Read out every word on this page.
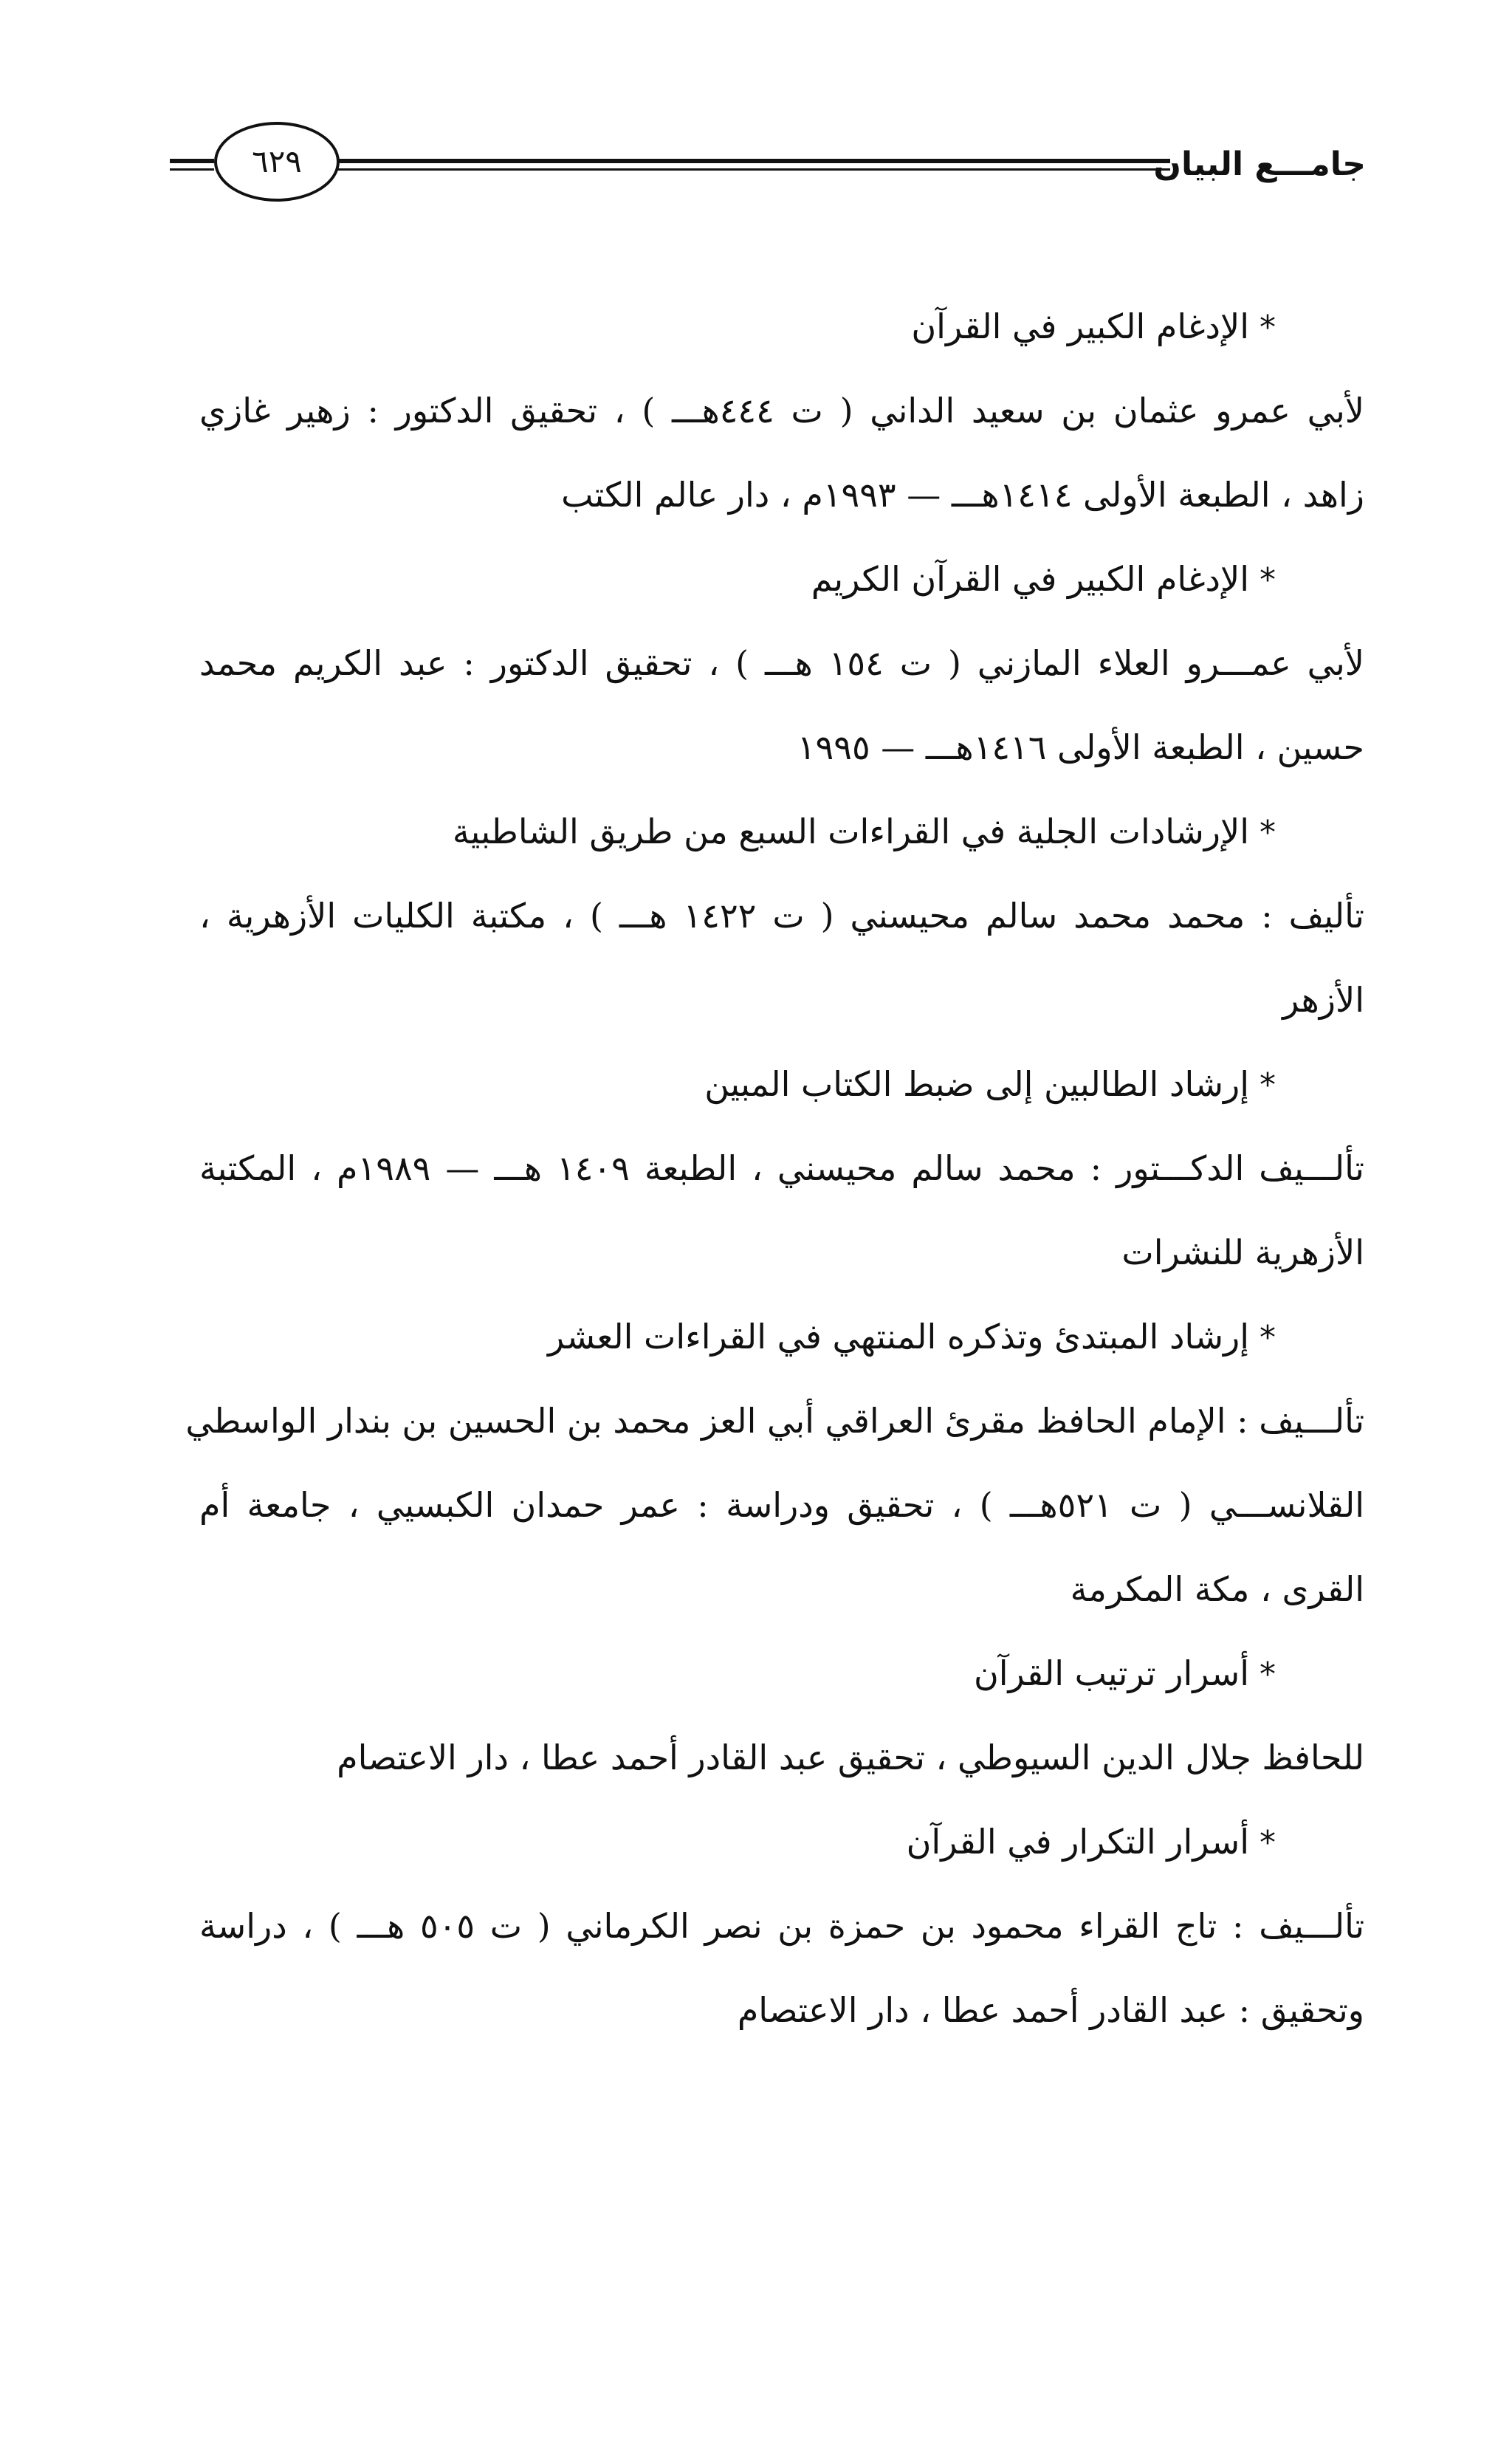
جامـــع البيان
٦٢٩
*الإدغام الكبير في القرآن
لأبي عمرو عثمان بن سعيد الداني ( ت ٤٤٤هـــ ) ، تحقيق الدكتور : زهير غازي
زاهد ، الطبعة الأولى ١٤١٤هـــ — ١٩٩٣م ، دار عالم الكتب
*الإدغام الكبير في القرآن الكريم
لأبي عمـــرو العلاء المازني ( ت ١٥٤ هـــ ) ، تحقيق الدكتور : عبد الكريم محمد
حسين ، الطبعة الأولى ١٤١٦هـــ — ١٩٩٥
*الإرشادات الجلية في القراءات السبع من طريق الشاطبية
تأليف : محمد محمد سالم محيسني ( ت ١٤٢٢ هـــ ) ، مكتبة الكليات الأزهرية ،
الأزهر
*إرشاد الطالبين إلى ضبط الكتاب المبين
تألـــيف الدكـــتور : محمد سالم محيسني ، الطبعة ١٤٠٩ هـــ — ١٩٨٩م ، المكتبة
الأزهرية للنشرات
*إرشاد المبتدئ وتذكره المنتهي في القراءات العشر
تألـــيف : الإمام الحافظ مقرئ العراقي أبي العز محمد بن الحسين بن بندار الواسطي
القلانســـي ( ت ٥٢١هـــ ) ، تحقيق ودراسة : عمر حمدان الكبسيي ، جامعة أم
القرى ، مكة المكرمة
*أسرار ترتيب القرآن
للحافظ جلال الدين السيوطي ، تحقيق عبد القادر أحمد عطا ، دار الاعتصام
*أسرار التكرار في القرآن
تألـــيف : تاج القراء محمود بن حمزة بن نصر الكرماني ( ت ٥٠٥ هـــ ) ، دراسة
وتحقيق : عبد القادر أحمد عطا ، دار الاعتصام
